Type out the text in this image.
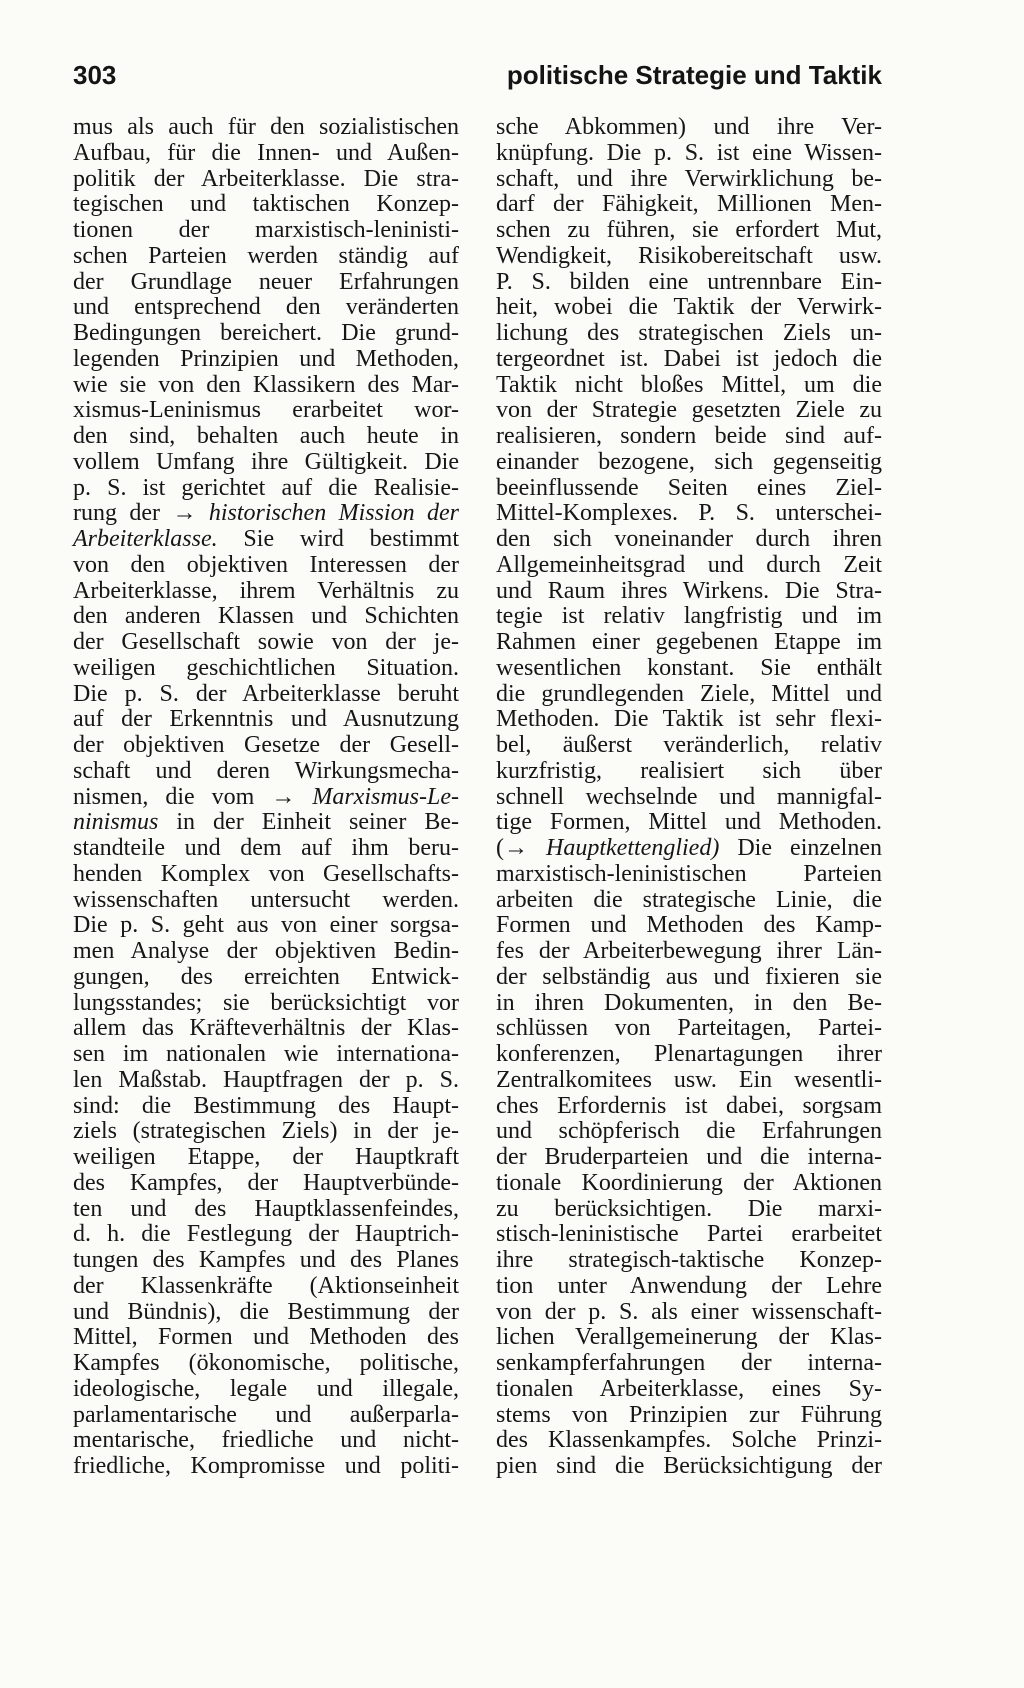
303	politische Strategie und Taktik
mus als auch für den sozialistischen
Aufbau, für die Innen- und Außen-
politik der Arbeiterklasse. Die stra-
tegischen und taktischen Konzep-
tionen der marxistisch-leninisti-
schen Parteien werden ständig auf
der Grundlage neuer Erfahrungen
und entsprechend den veränderten
Bedingungen bereichert. Die grund-
legenden Prinzipien und Methoden,
wie sie von den Klassikern des Mar-
xismus-Leninismus erarbeitet wor-
den sind, behalten auch heute in
vollem Umfang ihre Gültigkeit. Die
p. S. ist gerichtet auf die Realisie-
rung der → historischen Mission der
Arbeiterklasse. Sie wird bestimmt
von den objektiven Interessen der
Arbeiterklasse, ihrem Verhältnis zu
den anderen Klassen und Schichten
der Gesellschaft sowie von der je-
weiligen geschichtlichen Situation.
Die p. S. der Arbeiterklasse beruht
auf der Erkenntnis und Ausnutzung
der objektiven Gesetze der Gesell-
schaft und deren Wirkungsmecha-
nismen, die vom → Marxismus-Le-
ninismus in der Einheit seiner Be-
standteile und dem auf ihm beru-
henden Komplex von Gesellschafts-
wissenschaften untersucht werden.
Die p. S. geht aus von einer sorgsa-
men Analyse der objektiven Bedin-
gungen, des erreichten Entwick-
lungsstandes; sie berücksichtigt vor
allem das Kräfteverhältnis der Klas-
sen im nationalen wie internationa-
len Maßstab. Hauptfragen der p. S.
sind: die Bestimmung des Haupt-
ziels (strategischen Ziels) in der je-
weiligen Etappe, der Hauptkraft
des Kampfes, der Hauptverbünde-
ten und des Hauptklassenfeindes,
d. h. die Festlegung der Hauptrich-
tungen des Kampfes und des Planes
der Klassenkräfte (Aktionseinheit
und Bündnis), die Bestimmung der
Mittel, Formen und Methoden des
Kampfes (ökonomische, politische,
ideologische, legale und illegale,
parlamentarische und außerparla-
mentarische, friedliche und nicht-
friedliche, Kompromisse und politi-
sche Abkommen) und ihre Ver-
knüpfung. Die p. S. ist eine Wissen-
schaft, und ihre Verwirklichung be-
darf der Fähigkeit, Millionen Men-
schen zu führen, sie erfordert Mut,
Wendigkeit, Risikobereitschaft usw.
P. S. bilden eine untrennbare Ein-
heit, wobei die Taktik der Verwirk-
lichung des strategischen Ziels un-
tergeordnet ist. Dabei ist jedoch die
Taktik nicht bloßes Mittel, um die
von der Strategie gesetzten Ziele zu
realisieren, sondern beide sind auf-
einander bezogene, sich gegenseitig
beeinflussende Seiten eines Ziel-
Mittel-Komplexes. P. S. unterschei-
den sich voneinander durch ihren
Allgemeinheitsgrad und durch Zeit
und Raum ihres Wirkens. Die Stra-
tegie ist relativ langfristig und im
Rahmen einer gegebenen Etappe im
wesentlichen konstant. Sie enthält
die grundlegenden Ziele, Mittel und
Methoden. Die Taktik ist sehr flexi-
bel, äußerst veränderlich, relativ
kurzfristig, realisiert sich über
schnell wechselnde und mannigfal-
tige Formen, Mittel und Methoden.
(→ Hauptkettenglied) Die einzelnen
marxistisch-leninistischen Parteien
arbeiten die strategische Linie, die
Formen und Methoden des Kamp-
fes der Arbeiterbewegung ihrer Län-
der selbständig aus und fixieren sie
in ihren Dokumenten, in den Be-
schlüssen von Parteitagen, Partei-
konferenzen, Plenartagungen ihrer
Zentralkomitees usw. Ein wesentli-
ches Erfordernis ist dabei, sorgsam
und schöpferisch die Erfahrungen
der Bruderparteien und die interna-
tionale Koordinierung der Aktionen
zu berücksichtigen. Die marxi-
stisch-leninistische Partei erarbeitet
ihre strategisch-taktische Konzep-
tion unter Anwendung der Lehre
von der p. S. als einer wissenschaft-
lichen Verallgemeinerung der Klas-
senkampferfahrungen der interna-
tionalen Arbeiterklasse, eines Sy-
stems von Prinzipien zur Führung
des Klassenkampfes. Solche Prinzi-
pien sind die Berücksichtigung der
